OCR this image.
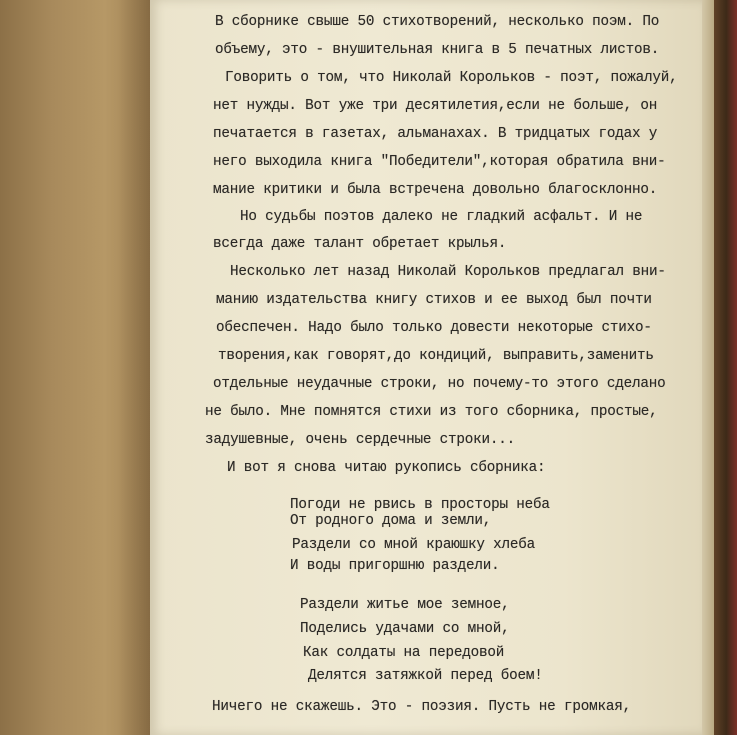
В сборнике свыше 50 стихотворений, несколько поэм. По
объему, это - внушительная книга в 5 печатных листов.
Говорить о том, что Николай Корольков - поэт, пожалуй,
нет нужды. Вот уже три десятилетия,если не больше, он
печатается в газетах, альманахах. В тридцатых годах у
него выходила книга "Победители",которая обратила вни-
мание критики и была встречена довольно благосклонно.
Но судьбы поэтов далеко не гладкий асфальт. И не
всегда даже талант обретает крылья.
Несколько лет назад Николай Корольков предлагал вни-
манию издательства книгу стихов и ее выход был почти
обеспечен. Надо было только довести некоторые стихо-
творения,как говорят,до кондиций, выправить,заменить
отдельные неудачные строки, но почему-то этого сделано
не было. Мне помнятся стихи из того сборника, простые,
задушевные, очень сердечные строки...
И вот я снова читаю рукопись сборника:
Погоди не рвись в просторы неба
От родного дома и земли,
Раздели со мной краюшку хлеба
И воды пригоршню раздели.
Раздели житье мое земное,
Поделись удачами со мной,
Как солдаты на передовой
Делятся затяжкой перед боем!
Ничего не скажешь. Это - поэзия. Пусть не громкая,
